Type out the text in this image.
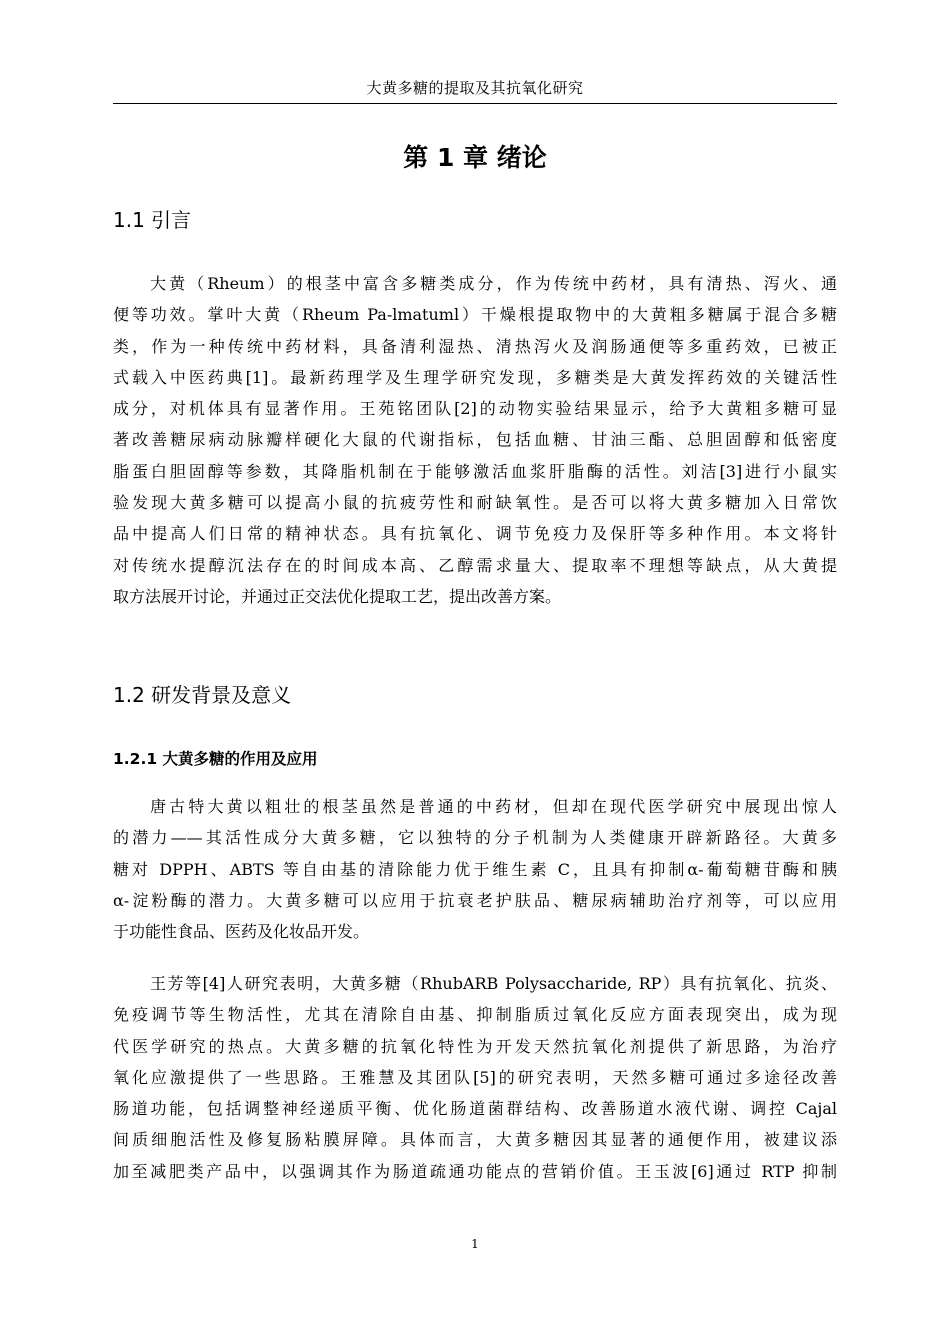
大黄多糖的提取及其抗氧化研究
第 1 章 绪论
1.1 引言
大黄（Rheum）的根茎中富含多糖类成分，作为传统中药材，具有清热、泻火、通
便等功效。掌叶大黄（Rheum Pa-lmatuml）干燥根提取物中的大黄粗多糖属于混合多糖
类，作为一种传统中药材料，具备清利湿热、清热泻火及润肠通便等多重药效，已被正
式载入中医药典[1]。最新药理学及生理学研究发现，多糖类是大黄发挥药效的关键活性
成分，对机体具有显著作用。王苑铭团队[2]的动物实验结果显示，给予大黄粗多糖可显
著改善糖尿病动脉瓣样硬化大鼠的代谢指标，包括血糖、甘油三酯、总胆固醇和低密度
脂蛋白胆固醇等参数，其降脂机制在于能够激活血浆肝脂酶的活性。刘洁[3]进行小鼠实
验发现大黄多糖可以提高小鼠的抗疲劳性和耐缺氧性。是否可以将大黄多糖加入日常饮
品中提高人们日常的精神状态。具有抗氧化、调节免疫力及保肝等多种作用。本文将针
对传统水提醇沉法存在的时间成本高、乙醇需求量大、提取率不理想等缺点，从大黄提
取方法展开讨论，并通过正交法优化提取工艺，提出改善方案。
1.2 研发背景及意义
1.2.1 大黄多糖的作用及应用
唐古特大黄以粗壮的根茎虽然是普通的中药材，但却在现代医学研究中展现出惊人
的潜力——其活性成分大黄多糖，它以独特的分子机制为人类健康开辟新路径。大黄多
糖对 DPPH、ABTS 等自由基的清除能力优于维生素 C，且具有抑制α-葡萄糖苷酶和胰
α-淀粉酶的潜力。大黄多糖可以应用于抗衰老护肤品、糖尿病辅助治疗剂等，可以应用
于功能性食品、医药及化妆品开发。
王芳等[4]人研究表明，大黄多糖（RhubARB Polysaccharide, RP）具有抗氧化、抗炎、
免疫调节等生物活性，尤其在清除自由基、抑制脂质过氧化反应方面表现突出，成为现
代医学研究的热点。大黄多糖的抗氧化特性为开发天然抗氧化剂提供了新思路，为治疗
氧化应激提供了一些思路。王雅慧及其团队[5]的研究表明，天然多糖可通过多途径改善
肠道功能，包括调整神经递质平衡、优化肠道菌群结构、改善肠道水液代谢、调控 Cajal
间质细胞活性及修复肠粘膜屏障。具体而言，大黄多糖因其显著的通便作用，被建议添
加至减肥类产品中，以强调其作为肠道疏通功能点的营销价值。王玉波[6]通过 RTP 抑制
1
